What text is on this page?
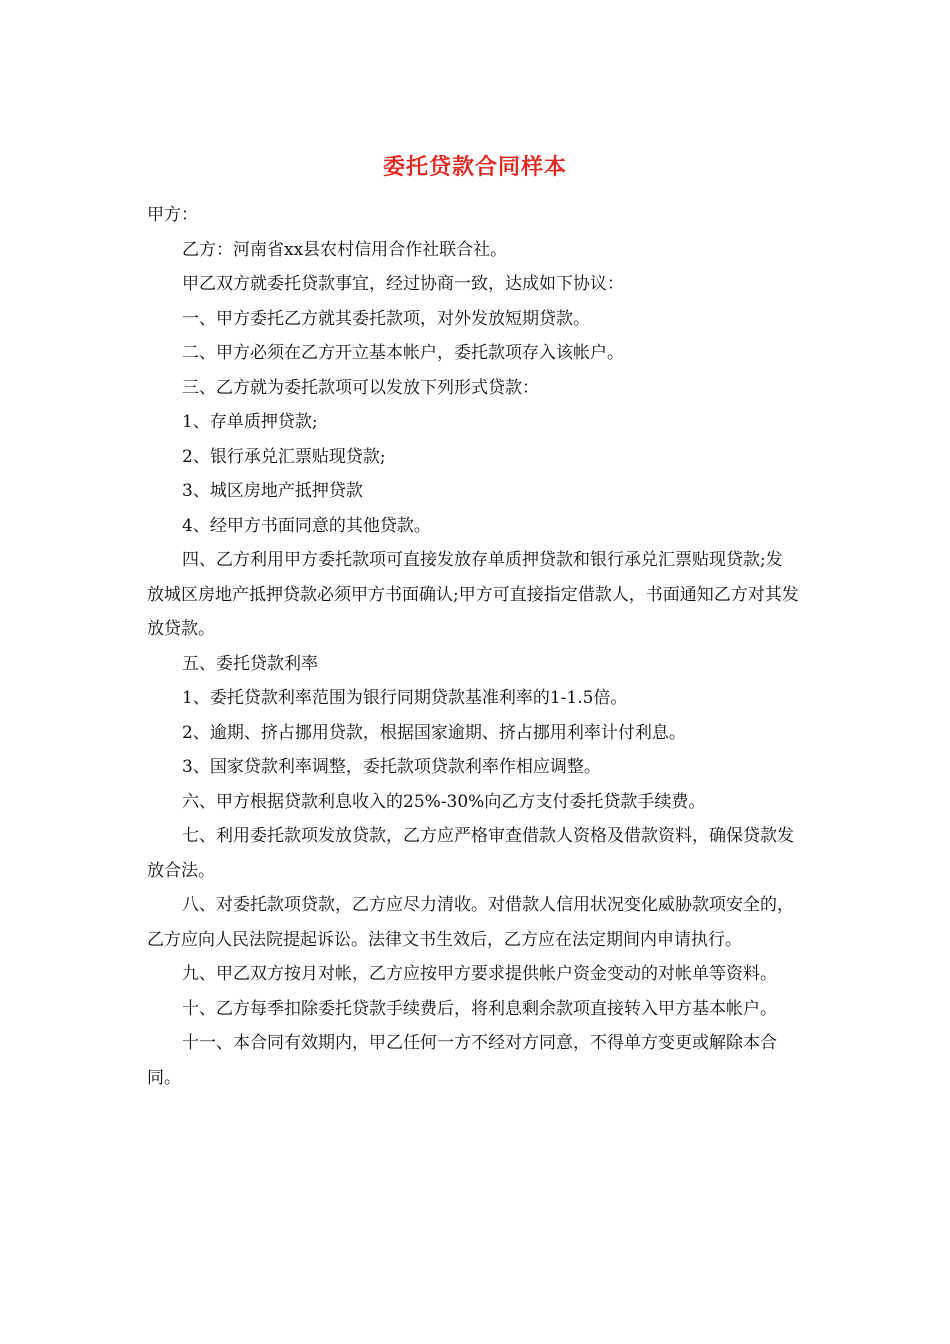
委托贷款合同样本

甲方：

乙方：河南省xx县农村信用合作社联合社。

甲乙双方就委托贷款事宜，经过协商一致，达成如下协议：

一、甲方委托乙方就其委托款项，对外发放短期贷款。

二、甲方必须在乙方开立基本帐户，委托款项存入该帐户。

三、乙方就为委托款项可以发放下列形式贷款：

1、存单质押贷款;

2、银行承兑汇票贴现贷款;

3、城区房地产抵押贷款

4、经甲方书面同意的其他贷款。

四、乙方利用甲方委托款项可直接发放存单质押贷款和银行承兑汇票贴现贷款;发放城区房地产抵押贷款必须甲方书面确认;甲方可直接指定借款人，书面通知乙方对其发放贷款。

五、委托贷款利率

1、委托贷款利率范围为银行同期贷款基准利率的1-1.5倍。

2、逾期、挤占挪用贷款，根据国家逾期、挤占挪用利率计付利息。

3、国家贷款利率调整，委托款项贷款利率作相应调整。

六、甲方根据贷款利息收入的25%-30%向乙方支付委托贷款手续费。

七、利用委托款项发放贷款，乙方应严格审查借款人资格及借款资料，确保贷款发放合法。

八、对委托款项贷款，乙方应尽力清收。对借款人信用状况变化威胁款项安全的，乙方应向人民法院提起诉讼。法律文书生效后，乙方应在法定期间内申请执行。

九、甲乙双方按月对帐，乙方应按甲方要求提供帐户资金变动的对帐单等资料。

十、乙方每季扣除委托贷款手续费后，将利息剩余款项直接转入甲方基本帐户。

十一、本合同有效期内，甲乙任何一方不经对方同意，不得单方变更或解除本合同。
